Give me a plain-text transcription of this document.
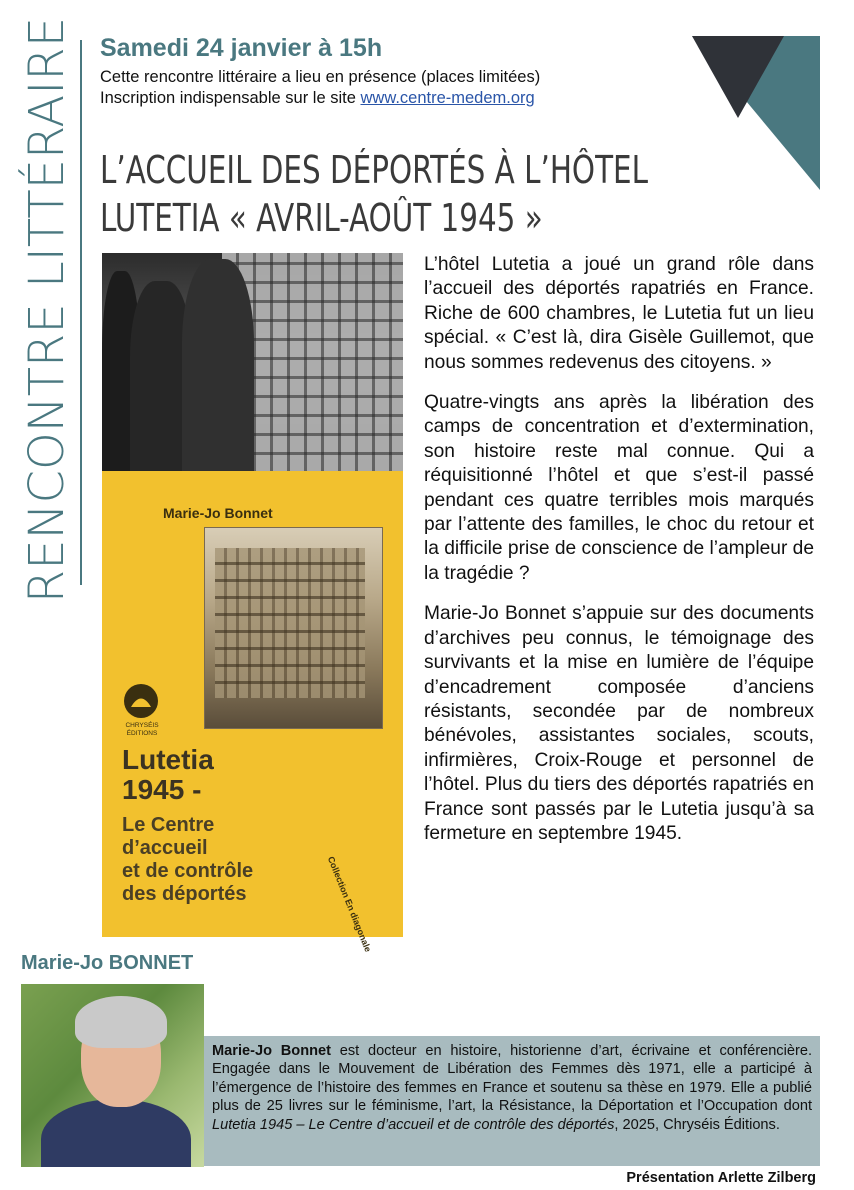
RENCONTRE LITTÉRAIRE Samedi 24 janvier à 15h
Cette rencontre littéraire a lieu en présence (places limitées)
Inscription indispensable sur le site www.centre-medem.org
L’ACCUEIL DES DÉPORTÉS À L’HÔTEL
LUTETIA « AVRIL-AOÛT 1945 »
Marie-Jo Bonnet
CHRYSÉIS ÉDITIONS
Lutetia
1945 -
Le Centre
d’accueil
et de contrôle
des déportés	Collection En diagonale

L’hôtel Lutetia a joué un grand rôle dans l’accueil des déportés rapatriés en France. Riche de 600 chambres, le Lutetia fut un lieu spécial. « C’est là, dira Gisèle Guillemot, que nous sommes redevenus des citoyens. »

Quatre-vingts ans après la libération des camps de concentration et d’extermination, son histoire reste mal connue. Qui a réquisitionné l’hôtel et que s’est-il passé pendant ces quatre terribles mois marqués par l’attente des familles, le choc du retour et la difficile prise de conscience de l’ampleur de la tragédie ?

Marie-Jo Bonnet s’appuie sur des documents d’archives peu connus, le témoignage des survivants et la mise en lumière de l’équipe d’encadrement composée d’anciens résistants, secondée par de nombreux bénévoles, assistantes sociales, scouts, infirmières, Croix-Rouge et personnel de l’hôtel. Plus du tiers des déportés rapatriés en France sont passés par le Lutetia jusqu’à sa fermeture en septembre 1945.

Marie-Jo BONNET
Marie-Jo Bonnet est docteur en histoire, historienne d’art, écrivaine et conférencière. Engagée dans le Mouvement de Libération des Femmes dès 1971, elle a participé à l’émergence de l’histoire des femmes en France et soutenu sa thèse en 1979. Elle a publié plus de 25 livres sur le féminisme, l’art, la Résistance, la Déportation et l’Occupation dont Lutetia 1945 – Le Centre d’accueil et de contrôle des déportés, 2025, Chryséis Éditions.
Présentation Arlette Zilberg
